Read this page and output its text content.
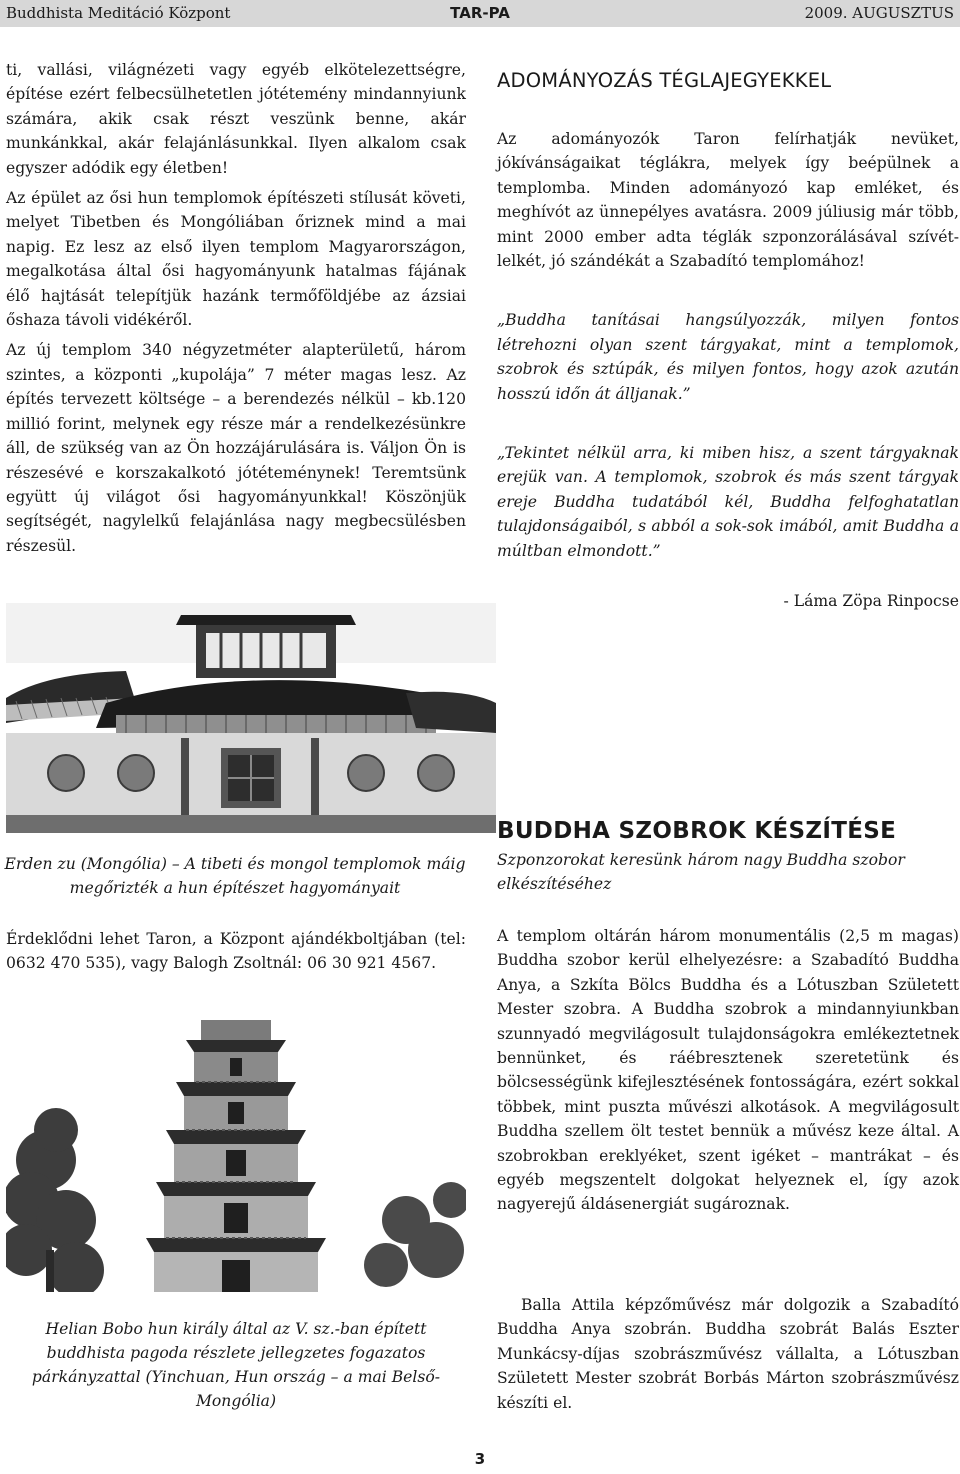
Buddhista Meditáció Központ	TAR-PA	2009. AUGUSZTUS

ti, vallási, világnézeti vagy egyéb elkötelezettségre, építése ezért felbecsülhetetlen jótétemény mindannyiunk számára, akik csak részt veszünk benne, akár munkánkkal, akár felajánlásunkkal. Ilyen alkalom csak egyszer adódik egy életben!

Az épület az ősi hun templomok építészeti stílusát követi, melyet Tibetben és Mongóliában őriznek mind a mai napig. Ez lesz az első ilyen templom Magyarországon, megalkotása által ősi hagyományunk hatalmas fájának élő hajtását telepítjük hazánk termőföldjébe az ázsiai őshaza távoli vidékéről.

Az új templom 340 négyzetméter alapterületű, három szintes, a központi „kupolája” 7 méter magas lesz. Az építés tervezett költsége – a berendezés nélkül – kb.120 millió forint, melynek egy része már a rendelkezésünkre áll, de szükség van az Ön hozzájárulására is. Váljon Ön is részesévé e korszakalkotó jótéteménynek! Teremtsünk együtt új világot ősi hagyományunkkal! Köszönjük segítségét, nagylelkű felajánlása nagy megbecsülésben részesül.

Erden zu (Mongólia) – A tibeti és mongol templomok máig megőrizték a hun építészet hagyományait
Érdeklődni lehet Taron, a Központ ajándékboltjában (tel: 0632 470 535), vagy Balogh Zsoltnál: 06 30 921 4567.
Helian Bobo hun király által az V. sz.-ban épített buddhista pagoda részlete jellegzetes fogazatos párkányzattal (Yinchuan, Hun ország – a mai Belső-Mongólia)
ADOMÁNYOZÁS TÉGLAJEGYEKKEL

Az adományozók Taron felírhatják nevüket, jókívánságaikat téglákra, melyek így beépülnek a templomba. Minden adományozó kap emléket, és meghívót az ünnepélyes avatásra. 2009 júliusig már több, mint 2000 ember adta téglák szponzorálásával szívét-lelkét, jó szándékát a Szabadító templomához!

„Buddha tanításai hangsúlyozzák, milyen fontos létrehozni olyan szent tárgyakat, mint a templomok, szobrok és sztúpák, és milyen fontos, hogy azok azután hosszú időn át álljanak.”

„Tekintet nélkül arra, ki miben hisz, a szent tárgyaknak erejük van. A templomok, szobrok és más szent tárgyak ereje Buddha tudatából kél, Buddha felfoghatatlan tulajdonságaiból, s abból a sok-sok imából, amit Buddha a múltban elmondott.”

- Láma Zöpa Rinpocse

BUDDHA SZOBROK KÉSZÍTÉSE
Szponzorokat keresünk három nagy Buddha szobor elkészítéséhez
A templom oltárán három monumentális (2,5 m magas) Buddha szobor kerül elhelyezésre: a Szabadító Buddha Anya, a Szkíta Bölcs Buddha és a Lótuszban Született Mester szobra. A Buddha szobrok a mindannyiunkban szunnyadó megvilágosult tulajdonságokra emlékeztetnek bennünket, és ráébresztenek szeretetünk és bölcsességünk kifejlesztésének fontosságára, ezért sokkal többek, mint puszta művészi alkotások. A megvilágosult Buddha szellem ölt testet bennük a művész keze által. A szobrokban ereklyéket, szent igéket – mantrákat – és egyéb megszentelt dolgokat helyeznek el, így azok nagyerejű áldásenergiát sugároznak.
Balla Attila képzőművész már dolgozik a Szabadító Buddha Anya szobrán. Buddha szobrát Balás Eszter Munkácsy-díjas szobrászművész vállalta, a Lótuszban Született Mester szobrát Borbás Márton szobrászművész készíti el.
3
